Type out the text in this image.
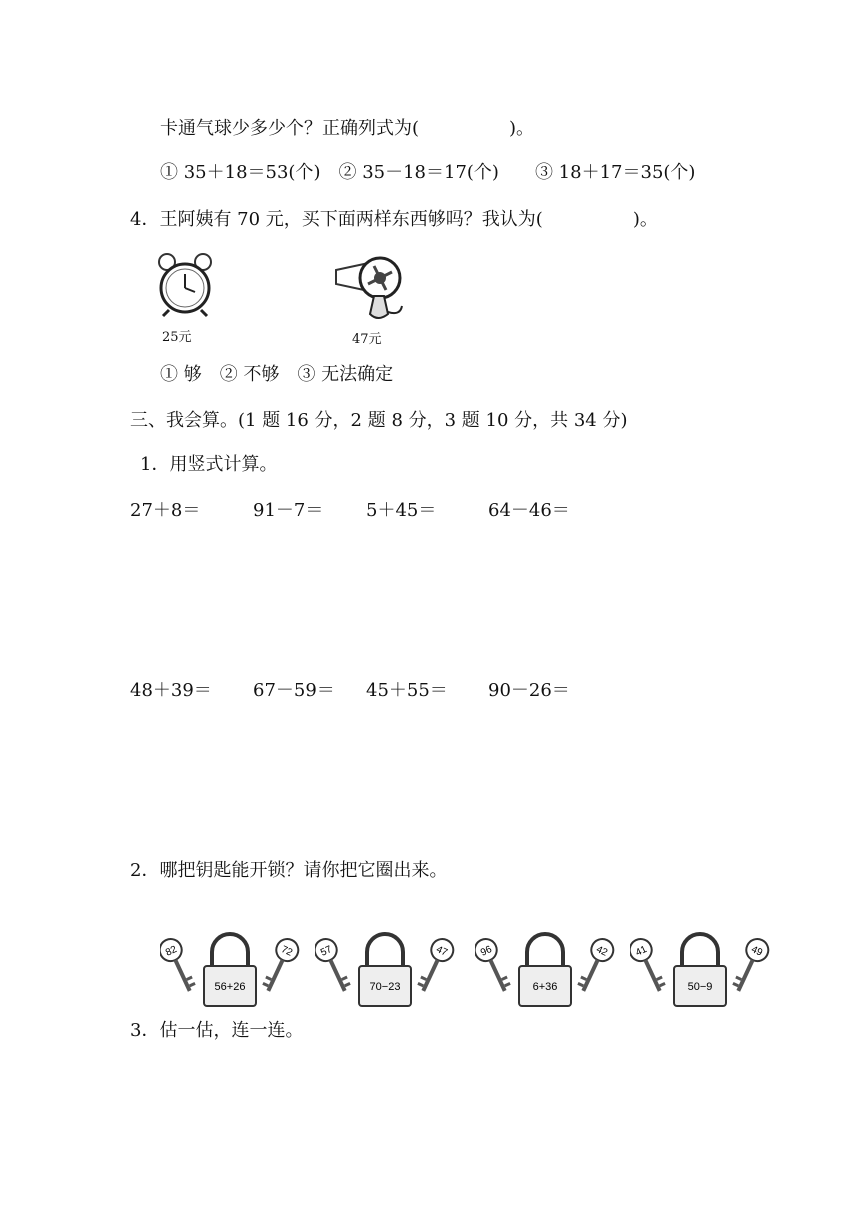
卡通气球少多少个？正确列式为(　　　　　)。
① 35＋18＝53(个)　② 35－18＝17(个)　　③ 18＋17＝35(个)
4．王阿姨有 70 元，买下面两样东西够吗？我认为(　　　　　)。
25元	47元
① 够　② 不够　③ 无法确定
三、我会算。(1 题 16 分，2 题 8 分，3 题 10 分，共 34 分)
1．用竖式计算。
27＋8＝	91－7＝ 5＋45＝	64－46＝
48＋39＝ 67－59＝ 45＋55＝ 90－26＝
2．哪把钥匙能开锁？请你把它圈出来。
82
56+26
72 57
70−23
47	96
6+36
42 41
50−9
49
3．估一估，连一连。
